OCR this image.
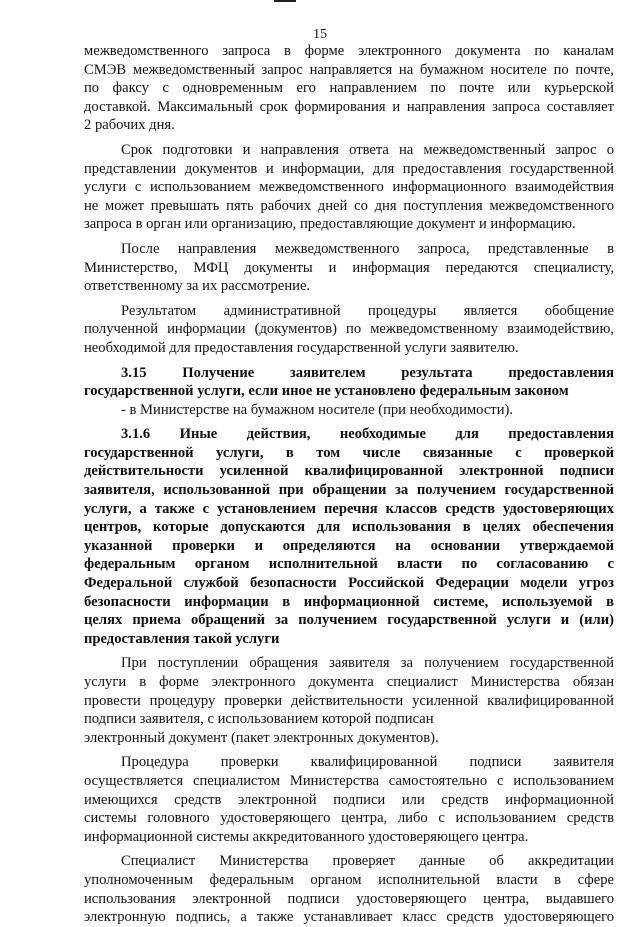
15
межведомственного запроса в форме электронного документа по каналам
СМЭВ межведомственный запрос направляется на бумажном носителе по почте,
по факсу с одновременным его направлением по почте или курьерской
доставкой. Максимальный срок формирования и направления запроса составляет
2 рабочих дня.
Срок подготовки и направления ответа на межведомственный запрос о
представлении документов и информации, для предоставления государственной
услуги с использованием межведомственного информационного взаимодействия
не может превышать пять рабочих дней со дня поступления межведомственного
запроса в орган или организацию, предоставляющие документ и информацию.
После направления межведомственного запроса, представленные в
Министерство, МФЦ документы и информация передаются специалисту,
ответственному за их рассмотрение.
Результатом административной процедуры является обобщение
полученной информации (документов) по межведомственному взаимодействию,
необходимой для предоставления государственной услуги заявителю.
3.15 Получение заявителем результата предоставления
государственной услуги, если иное не установлено федеральным законом
- в Министерстве на бумажном носителе (при необходимости).
3.1.6 Иные действия, необходимые для предоставления
государственной услуги, в том числе связанные с проверкой
действительности усиленной квалифицированной электронной подписи
заявителя, использованной при обращении за получением государственной
услуги, а также с установлением перечня классов средств удостоверяющих
центров, которые допускаются для использования в целях обеспечения
указанной проверки и определяются на основании утверждаемой
федеральным органом исполнительной власти по согласованию с
Федеральной службой безопасности Российской Федерации модели угроз
безопасности информации в информационной системе, используемой в
целях приема обращений за получением государственной услуги и (или)
предоставления такой услуги
При поступлении обращения заявителя за получением государственной
услуги в форме электронного документа специалист Министерства обязан
провести процедуру проверки действительности усиленной квалифицированной
подписи заявителя, с использованием которой подписан
электронный документ (пакет электронных документов).
Процедура проверки квалифицированной подписи заявителя
осуществляется специалистом Министерства самостоятельно с использованием
имеющихся средств электронной подписи или средств информационной
системы головного удостоверяющего центра, либо с использованием средств
информационной системы аккредитованного удостоверяющего центра.
Специалист Министерства проверяет данные об аккредитации
уполномоченным федеральным органом исполнительной власти в сфере
использования электронной подписи удостоверяющего центра, выдавшего
электронную подпись, а также устанавливает класс средств удостоверяющего
